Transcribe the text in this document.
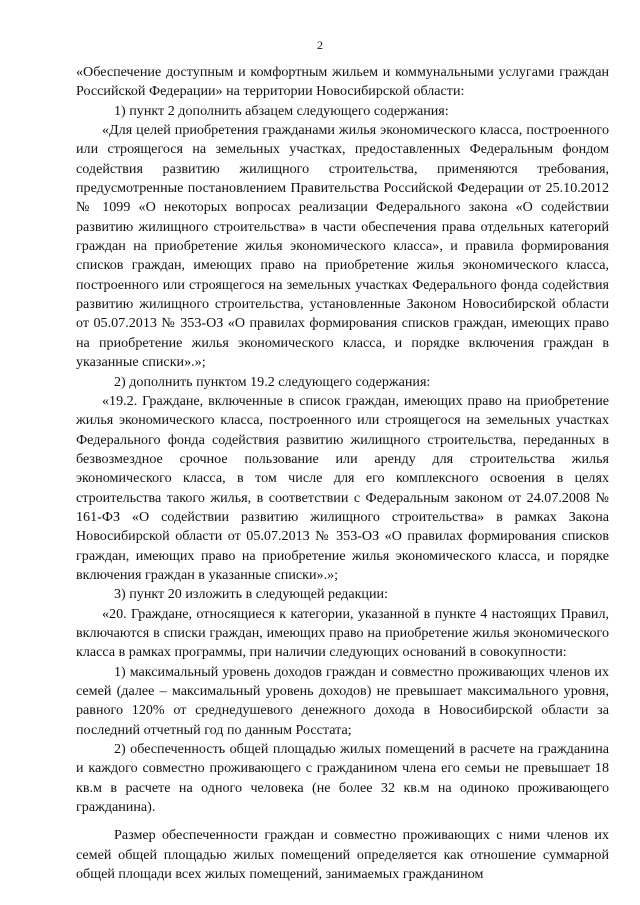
2

«Обеспечение доступным и комфортным жильем и коммунальными услугами граждан Российской Федерации» на территории Новосибирской области:

1) пункт 2 дополнить абзацем следующего содержания:

«Для целей приобретения гражданами жилья экономического класса, построенного или строящегося на земельных участках, предоставленных Федеральным фондом содействия развитию жилищного строительства, применяются требования, предусмотренные постановлением Правительства Российской Федерации от 25.10.2012 № 1099 «О некоторых вопросах реализации Федерального закона «О содействии развитию жилищного строительства» в части обеспечения права отдельных категорий граждан на приобретение жилья экономического класса», и правила формирования списков граждан, имеющих право на приобретение жилья экономического класса, построенного или строящегося на земельных участках Федерального фонда содействия развитию жилищного строительства, установленные Законом Новосибирской области от 05.07.2013 № 353-ОЗ «О правилах формирования списков граждан, имеющих право на приобретение жилья экономического класса, и порядке включения граждан в указанные списки».»;

2) дополнить пунктом 19.2 следующего содержания:

«19.2. Граждане, включенные в список граждан, имеющих право на приобретение жилья экономического класса, построенного или строящегося на земельных участках Федерального фонда содействия развитию жилищного строительства, переданных в безвозмездное срочное пользование или аренду для строительства жилья экономического класса, в том числе для его комплексного освоения в целях строительства такого жилья, в соответствии с Федеральным законом от 24.07.2008 № 161-ФЗ «О содействии развитию жилищного строительства» в рамках Закона Новосибирской области от 05.07.2013 № 353-ОЗ «О правилах формирования списков граждан, имеющих право на приобретение жилья экономического класса, и порядке включения граждан в указанные списки».»;

3) пункт 20 изложить в следующей редакции:

«20. Граждане, относящиеся к категории, указанной в пункте 4 настоящих Правил, включаются в списки граждан, имеющих право на приобретение жилья экономического класса в рамках программы, при наличии следующих оснований в совокупности:

1) максимальный уровень доходов граждан и совместно проживающих членов их семей (далее – максимальный уровень доходов) не превышает максимального уровня, равного 120% от среднедушевого денежного дохода в Новосибирской области за последний отчетный год по данным Росстата;

2) обеспеченность общей площадью жилых помещений в расчете на гражданина и каждого совместно проживающего с гражданином члена его семьи не превышает 18 кв.м в расчете на одного человека (не более 32 кв.м на одиноко проживающего гражданина).

Размер обеспеченности граждан и совместно проживающих с ними членов их семей общей площадью жилых помещений определяется как отношение суммарной общей площади всех жилых помещений, занимаемых гражданином
